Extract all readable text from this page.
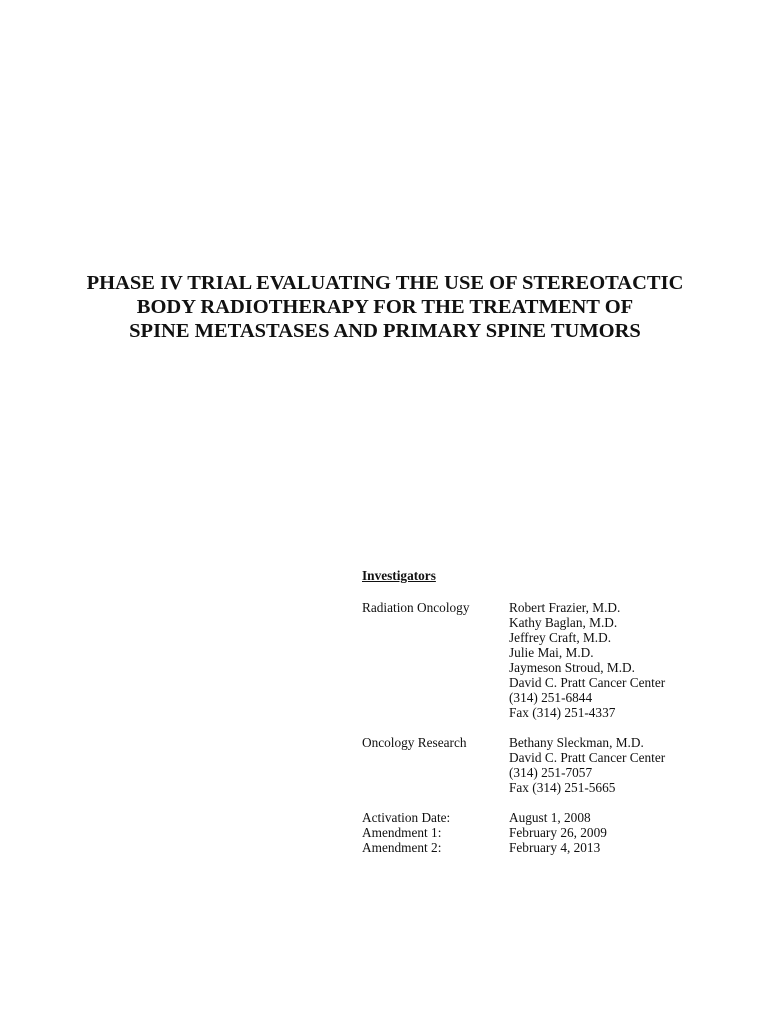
PHASE IV TRIAL EVALUATING THE USE OF STEREOTACTIC
BODY RADIOTHERAPY FOR THE TREATMENT OF
SPINE METASTASES AND PRIMARY SPINE TUMORS
Investigators
Radiation Oncology	Robert Frazier, M.D.
Kathy Baglan, M.D.
Jeffrey Craft, M.D.
Julie Mai, M.D.
Jaymeson Stroud, M.D.
David C. Pratt Cancer Center
(314) 251-6844
Fax (314) 251-4337
Oncology Research	Bethany Sleckman, M.D.
David C. Pratt Cancer Center
(314) 251-7057
Fax (314) 251-5665
Activation Date:	August 1, 2008
Amendment 1:	February 26, 2009
Amendment 2:	February 4, 2013
